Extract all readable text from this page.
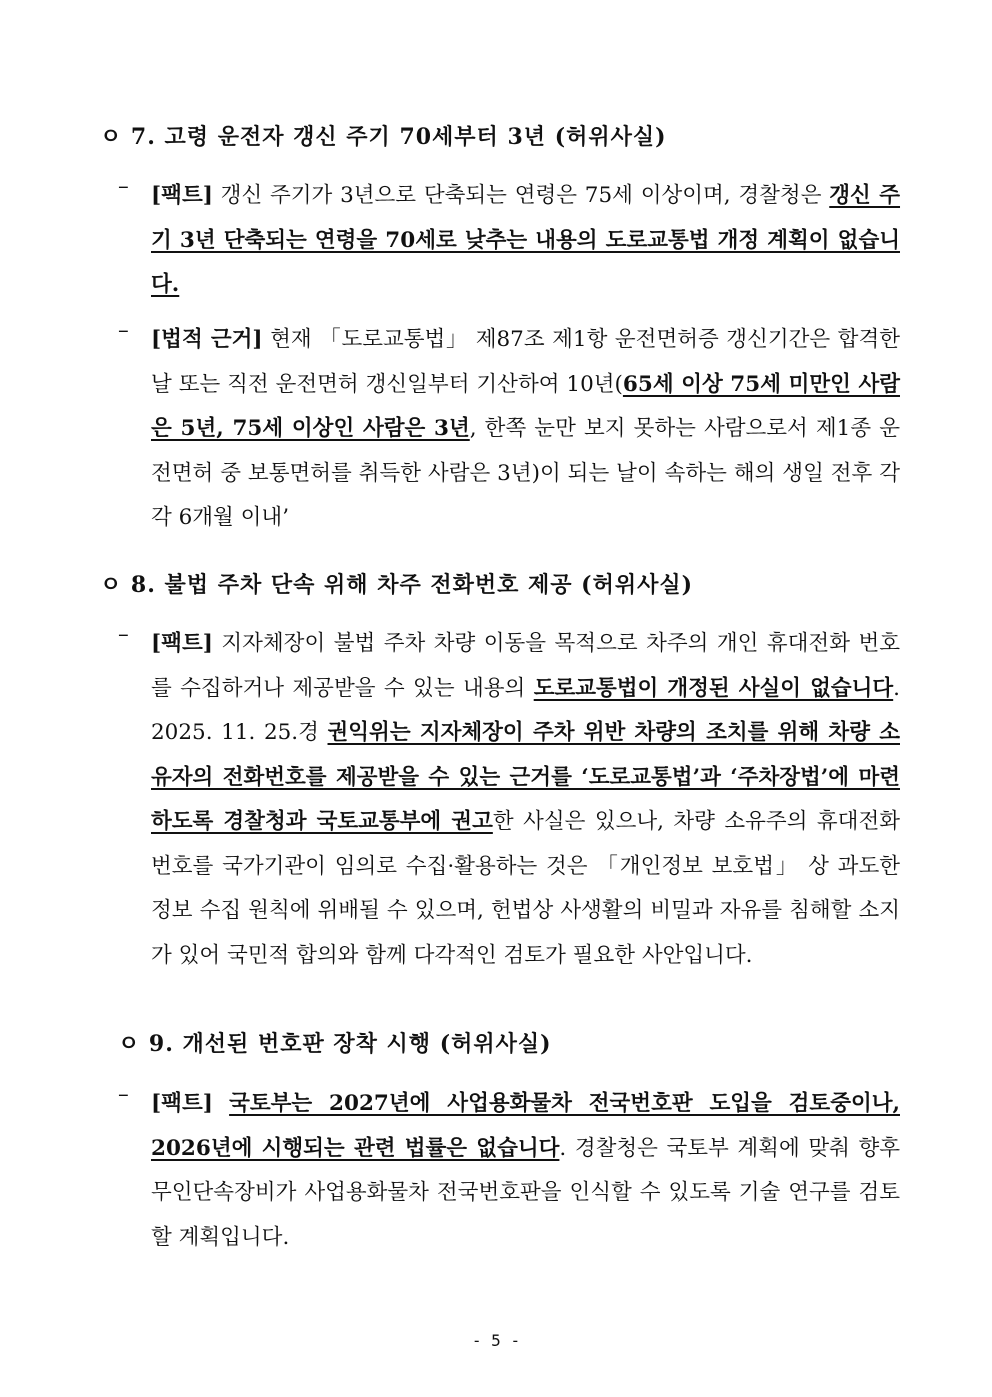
ㅇ 7. 고령 운전자 갱신 주기 70세부터 3년 (허위사실)
–	[팩트] 갱신 주기가 3년으로 단축되는 연령은 75세 이상이며, 경찰청은 갱신 주기 3년 단축되는 연령을 70세로 낮추는 내용의 도로교통법 개정 계획이 없습니다.
–	[법적 근거] 현재 「도로교통법」 제87조 제1항 운전면허증 갱신기간은 합격한 날 또는 직전 운전면허 갱신일부터 기산하여 10년(65세 이상 75세 미만인 사람은 5년, 75세 이상인 사람은 3년, 한쪽 눈만 보지 못하는 사람으로서 제1종 운전면허 중 보통면허를 취득한 사람은 3년)이 되는 날이 속하는 해의 생일 전후 각각 6개월 이내’
ㅇ 8. 불법 주차 단속 위해 차주 전화번호 제공 (허위사실)
–	[팩트] 지자체장이 불법 주차 차량 이동을 목적으로 차주의 개인 휴대전화 번호를 수집하거나 제공받을 수 있는 내용의 도로교통법이 개정된 사실이 없습니다. 2025. 11. 25.경 권익위는 지자체장이 주차 위반 차량의 조치를 위해 차량 소유자의 전화번호를 제공받을 수 있는 근거를 ‘도로교통법’과 ‘주차장법’에 마련하도록 경찰청과 국토교통부에 권고한 사실은 있으나, 차량 소유주의 휴대전화 번호를 국가기관이 임의로 수집·활용하는 것은 「개인정보 보호법」 상 과도한 정보 수집 원칙에 위배될 수 있으며, 헌법상 사생활의 비밀과 자유를 침해할 소지가 있어 국민적 합의와 함께 다각적인 검토가 필요한 사안입니다.
ㅇ 9. 개선된 번호판 장착 시행 (허위사실)
–	[팩트] 국토부는 2027년에 사업용화물차 전국번호판 도입을 검토중이나, 2026년에 시행되는 관련 법률은 없습니다. 경찰청은 국토부 계획에 맞춰 향후 무인단속장비가 사업용화물차 전국번호판을 인식할 수 있도록 기술 연구를 검토할 계획입니다.
- 5 -
